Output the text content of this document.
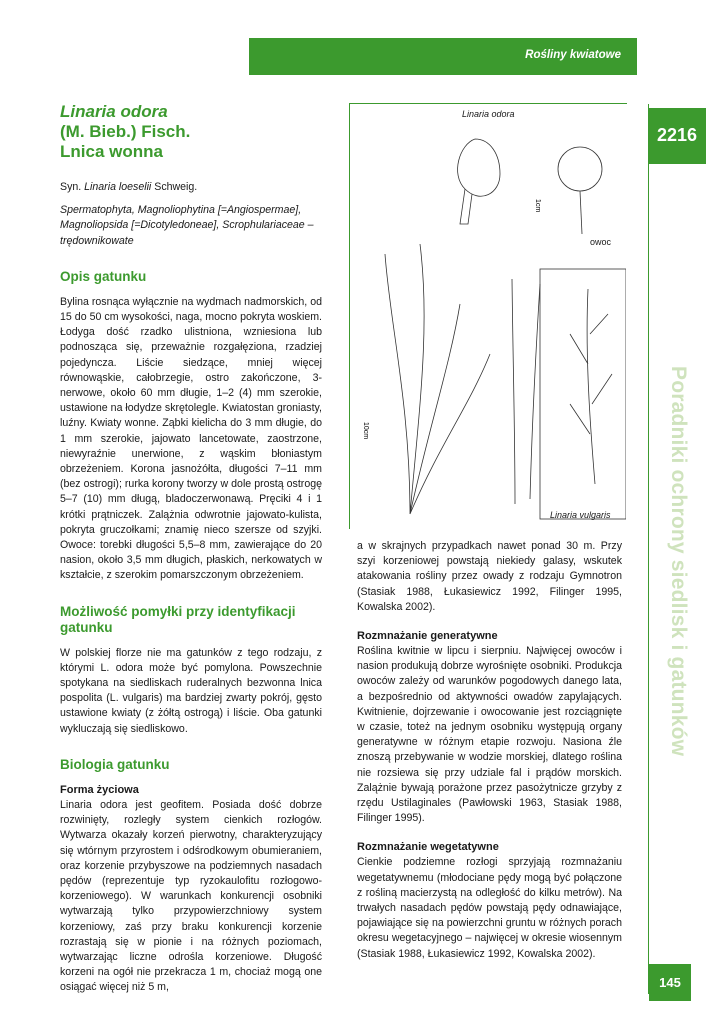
Rośliny kwiatowe
2216
Poradniki ochrony siedlisk i gatunków
145
Linaria odora
(M. Bieb.) Fisch.
Lnica wonna
Syn. Linaria loeselii Schweig.
Spermatophyta, Magnoliophytina [=Angiospermae], Magnoliopsida [=Dicotyledoneae], Scrophulariaceae – trędownikowate
Opis gatunku

Bylina rosnąca wyłącznie na wydmach nadmorskich, od 15 do 50 cm wysokości, naga, mocno pokryta woskiem. Łodyga dość rzadko ulistniona, wzniesiona lub podnosząca się, przeważnie rozgałęziona, rzadziej pojedyncza. Liście siedzące, mniej więcej równowąskie, całobrzegie, ostro zakończone, 3-nerwowe, około 60 mm długie, 1–2 (4) mm szerokie, ustawione na łodydze skrętolegle. Kwiatostan groniasty, luźny. Kwiaty wonne. Ząbki kielicha do 3 mm długie, do 1 mm szerokie, jajowato lancetowate, zaostrzone, niewyraźnie unerwione, z wąskim błoniastym obrzeżeniem. Korona jasnożółta, długości 7–11 mm (bez ostrogi); rurka korony tworzy w dole prostą ostrogę 5–7 (10) mm długą, bladoczerwonawą. Pręciki 4 i 1 krótki prątniczek. Zalążnia odwrotnie jajowato-kulista, pokryta gruczołkami; znamię nieco szersze od szyjki. Owoce: torebki długości 5,5–8 mm, zawierające do 20 nasion, około 3,5 mm długich, płaskich, nerkowatych w kształcie, z szerokim pomarszczonym obrzeżeniem.

Możliwość pomyłki przy identyfikacji gatunku

W polskiej florze nie ma gatunków z tego rodzaju, z którymi L. odora może być pomylona. Powszechnie spotykana na siedliskach ruderalnych bezwonna lnica pospolita (L. vulgaris) ma bardziej zwarty pokrój, gęsto ustawione kwiaty (z żółtą ostrogą) i liście. Oba gatunki wykluczają się siedliskowo.

Biologia gatunku
Forma życiowa

Linaria odora jest geofitem. Posiada dość dobrze rozwinięty, rozległy system cienkich rozłogów. Wytwarza okazały korzeń pierwotny, charakteryzujący się wtórnym przyrostem i odśrodkowym obumieraniem, oraz korzenie przybyszowe na podziemnych nasadach pędów (reprezentuje typ ryzokaulofitu rozłogowo-korzeniowego). W warunkach konkurencji osobniki wytwarzają tylko przypowierzchniowy system korzeniowy, zaś przy braku konkurencji korzenie rozrastają się w pionie i na różnych poziomach, wytwarzając liczne odrośla korzeniowe. Długość korzeni na ogół nie przekracza 1 m, chociaż mogą one osiągać więcej niż 5 m,

Linaria odora
owoc
Linaria vulgaris
1cm
10cm

a w skrajnych przypadkach nawet ponad 30 m. Przy szyi korzeniowej powstają niekiedy galasy, wskutek atakowania rośliny przez owady z rodzaju Gymnotron (Stasiak 1988, Łukasiewicz 1992, Filinger 1995, Kowalska 2002).

Rozmnażanie generatywne

Roślina kwitnie w lipcu i sierpniu. Najwięcej owoców i nasion produkują dobrze wyrośnięte osobniki. Produkcja owoców zależy od warunków pogodowych danego lata, a bezpośrednio od aktywności owadów zapylających. Kwitnienie, dojrzewanie i owocowanie jest rozciągnięte w czasie, toteż na jednym osobniku występują organy generatywne w różnym etapie rozwoju. Nasiona źle znoszą przebywanie w wodzie morskiej, dlatego roślina nie rozsiewa się przy udziale fal i prądów morskich. Zalążnie bywają porażone przez pasożytnicze grzyby z rzędu Ustilaginales (Pawłowski 1963, Stasiak 1988, Filinger 1995).

Rozmnażanie wegetatywne

Cienkie podziemne rozłogi sprzyjają rozmnażaniu wegetatywnemu (młodociane pędy mogą być połączone z rośliną macierzystą na odległość do kilku metrów). Na trwałych nasadach pędów powstają pędy odnawiające, pojawiające się na powierzchni gruntu w różnych porach okresu wegetacyjnego – najwięcej w okresie wiosennym (Stasiak 1988, Łukasiewicz 1992, Kowalska 2002).
